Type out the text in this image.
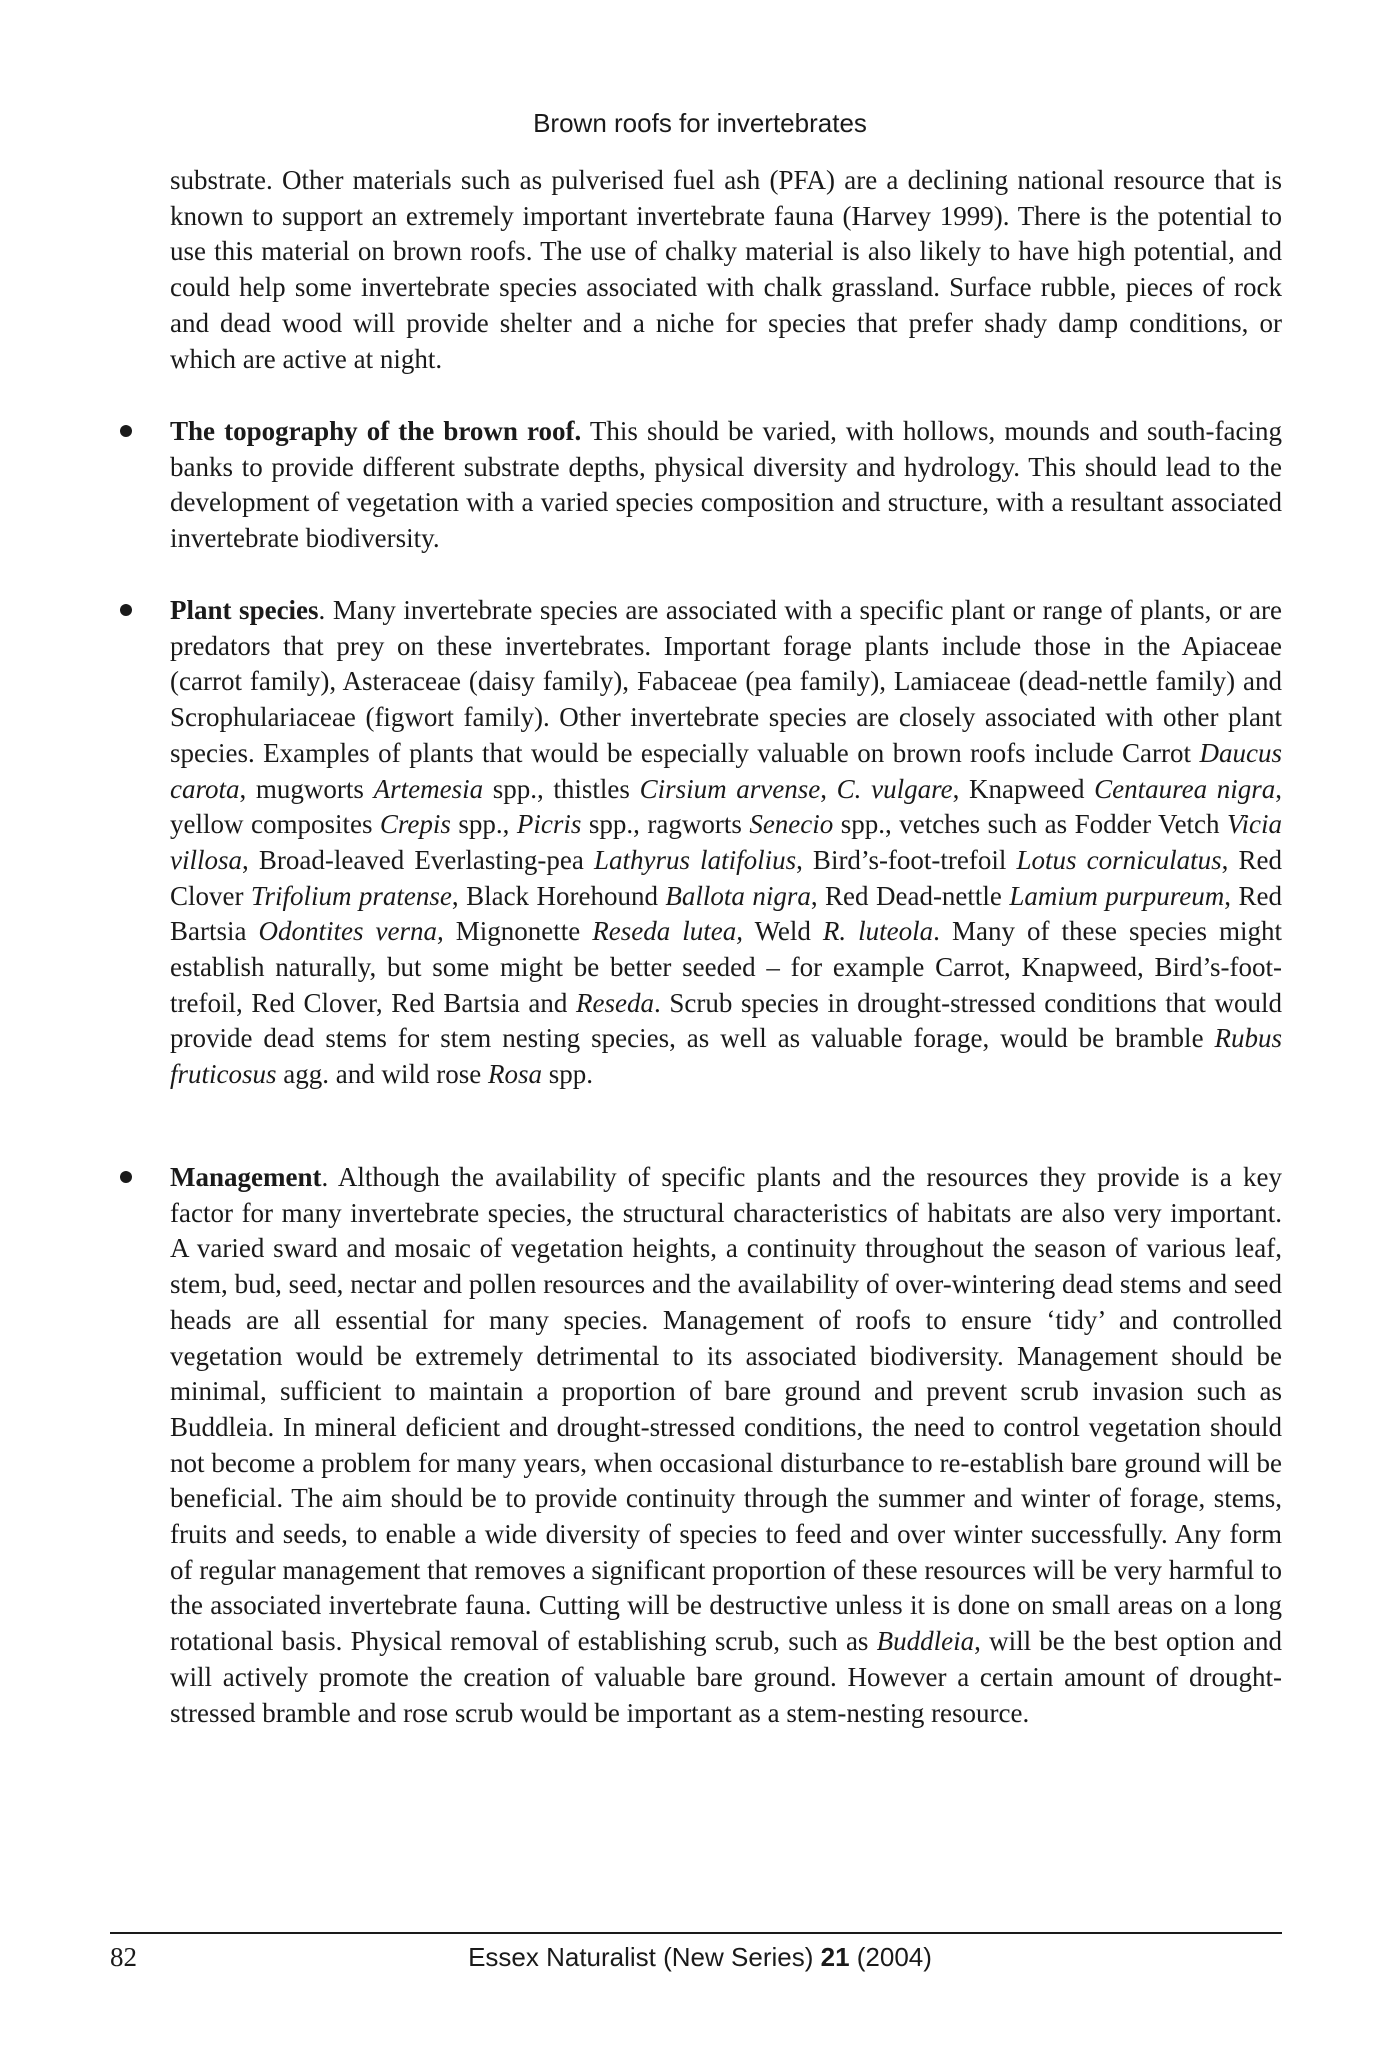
Brown roofs for invertebrates

substrate. Other materials such as pulverised fuel ash (PFA) are a declining national resource that is known to support an extremely important invertebrate fauna (Harvey 1999). There is the potential to use this material on brown roofs. The use of chalky material is also likely to have high potential, and could help some invertebrate species associated with chalk grassland. Surface rubble, pieces of rock and dead wood will provide shelter and a niche for species that prefer shady damp conditions, or which are active at night.

The topography of the brown roof. This should be varied, with hollows, mounds and south-facing banks to provide different substrate depths, physical diversity and hydrology. This should lead to the development of vegetation with a varied species composition and structure, with a resultant associated invertebrate biodiversity.

Plant species. Many invertebrate species are associated with a specific plant or range of plants, or are predators that prey on these invertebrates. Important forage plants include those in the Apiaceae (carrot family), Asteraceae (daisy family), Fabaceae (pea family), Lamiaceae (dead-nettle family) and Scrophulariaceae (figwort family). Other invertebrate species are closely associated with other plant species. Examples of plants that would be especially valuable on brown roofs include Carrot Daucus carota, mugworts Artemesia spp., thistles Cirsium arvense, C. vulgare, Knapweed Centaurea nigra, yellow composites Crepis spp., Picris spp., ragworts Senecio spp., vetches such as Fodder Vetch Vicia villosa, Broad-leaved Everlasting-pea Lathyrus latifolius, Bird’s-foot-trefoil Lotus corniculatus, Red Clover Trifolium pratense, Black Horehound Ballota nigra, Red Dead-nettle Lamium purpureum, Red Bartsia Odontites verna, Mignonette Reseda lutea, Weld R. luteola. Many of these species might establish naturally, but some might be better seeded – for example Carrot, Knapweed, Bird’s-foot-trefoil, Red Clover, Red Bartsia and Reseda. Scrub species in drought-stressed conditions that would provide dead stems for stem nesting species, as well as valuable forage, would be bramble Rubus fruticosus agg. and wild rose Rosa spp.

Management. Although the availability of specific plants and the resources they provide is a key factor for many invertebrate species, the structural characteristics of habitats are also very important. A varied sward and mosaic of vegetation heights, a continuity throughout the season of various leaf, stem, bud, seed, nectar and pollen resources and the availability of over-wintering dead stems and seed heads are all essential for many species. Management of roofs to ensure ‘tidy’ and controlled vegetation would be extremely detrimental to its associated biodiversity. Management should be minimal, sufficient to maintain a proportion of bare ground and prevent scrub invasion such as Buddleia. In mineral deficient and drought-stressed conditions, the need to control vegetation should not become a problem for many years, when occasional disturbance to re-establish bare ground will be beneficial. The aim should be to provide continuity through the summer and winter of forage, stems, fruits and seeds, to enable a wide diversity of species to feed and over winter successfully. Any form of regular management that removes a significant proportion of these resources will be very harmful to the associated invertebrate fauna. Cutting will be destructive unless it is done on small areas on a long rotational basis. Physical removal of establishing scrub, such as Buddleia, will be the best option and will actively promote the creation of valuable bare ground. However a certain amount of drought-stressed bramble and rose scrub would be important as a stem-nesting resource.

82	Essex Naturalist (New Series) 21 (2004)
